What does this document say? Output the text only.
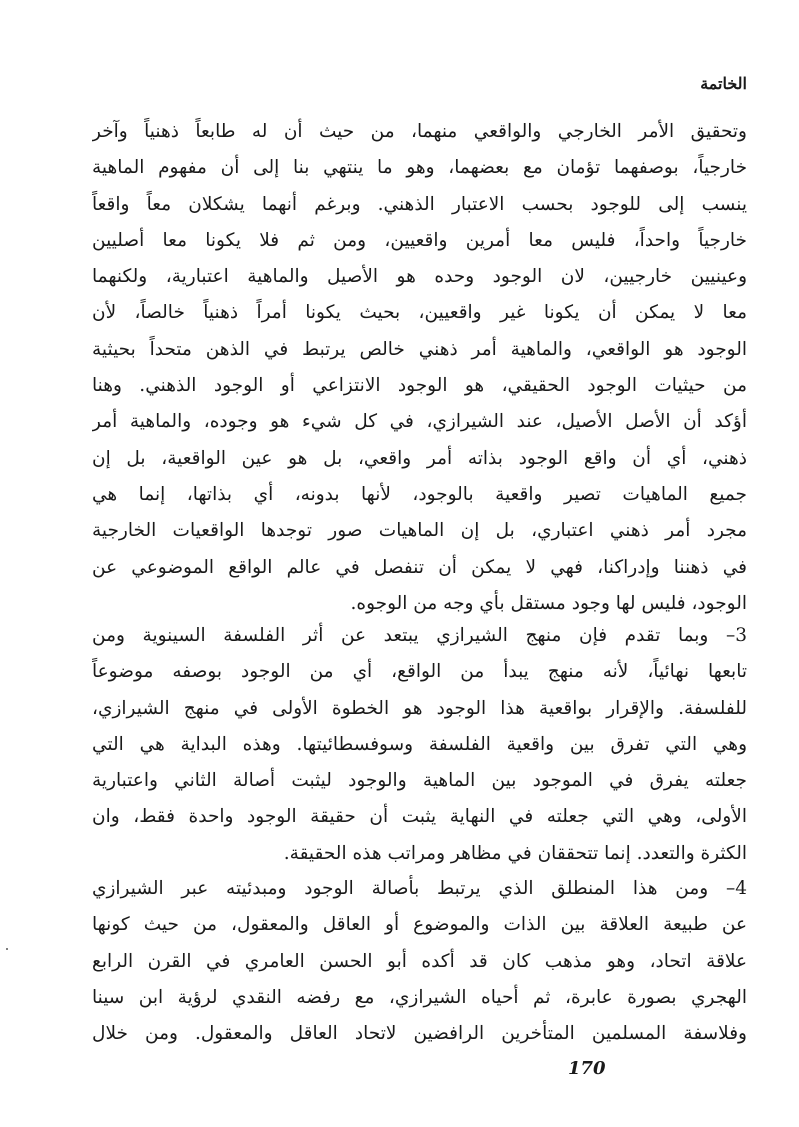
الخاتمة
وتحقيق الأمر الخارجي والواقعي منهما، من حيث أن له طابعاً ذهنياً وآخر
خارجياً، بوصفهما تؤمان مع بعضهما، وهو ما ينتهي بنا إلى أن مفهوم الماهية
ينسب إلى للوجود بحسب الاعتبار الذهني. وبرغم أنهما يشكلان معاً واقعاً
خارجياً واحداً، فليس معا أمرين واقعيين، ومن ثم فلا يكونا معا أصليين
وعينيين خارجيين، لان الوجود وحده هو الأصيل والماهية اعتبارية، ولكنهما
معا لا يمكن أن يكونا غير واقعيين، بحيث يكونا أمراً ذهنياً خالصاً، لأن
الوجود هو الواقعي، والماهية أمر ذهني خالص يرتبط في الذهن متحداً بحيثية
من حيثيات الوجود الحقيقي، هو الوجود الانتزاعي أو الوجود الذهني. وهنا
أؤكد أن الأصل الأصيل، عند الشيرازي، في كل شيء هو وجوده، والماهية أمر
ذهني، أي أن واقع الوجود بذاته أمر واقعي، بل هو عين الواقعية، بل إن
جميع الماهيات تصير واقعية بالوجود، لأنها بدونه، أي بذاتها، إنما هي
مجرد أمر ذهني اعتباري، بل إن الماهيات صور توجدها الواقعيات الخارجية
في ذهننا وإدراكنا، فهي لا يمكن أن تنفصل في عالم الواقع الموضوعي عن
الوجود، فليس لها وجود مستقل بأي وجه من الوجوه.
3– وبما تقدم فإن منهج الشيرازي يبتعد عن أثر الفلسفة السينوية ومن
تابعها نهائياً، لأنه منهج يبدأ من الواقع، أي من الوجود بوصفه موضوعاً
للفلسفة. والإقرار بواقعية هذا الوجود هو الخطوة الأولى في منهج الشيرازي،
وهي التي تفرق بين واقعية الفلسفة وسوفسطائيتها. وهذه البداية هي التي
جعلته يفرق في الموجود بين الماهية والوجود ليثبت أصالة الثاني واعتبارية
الأولى، وهي التي جعلته في النهاية يثبت أن حقيقة الوجود واحدة فقط، وان
الكثرة والتعدد. إنما تتحققان في مظاهر ومراتب هذه الحقيقة.
4– ومن هذا المنطلق الذي يرتبط بأصالة الوجود ومبدئيته عبر الشيرازي
عن طبيعة العلاقة بين الذات والموضوع أو العاقل والمعقول، من حيث كونها
علاقة اتحاد، وهو مذهب كان قد أكده أبو الحسن العامري في القرن الرابع
الهجري بصورة عابرة، ثم أحياه الشيرازي، مع رفضه النقدي لرؤية ابن سينا
وفلاسفة المسلمين المتأخرين الرافضين لاتحاد العاقل والمعقول. ومن خلال
170
